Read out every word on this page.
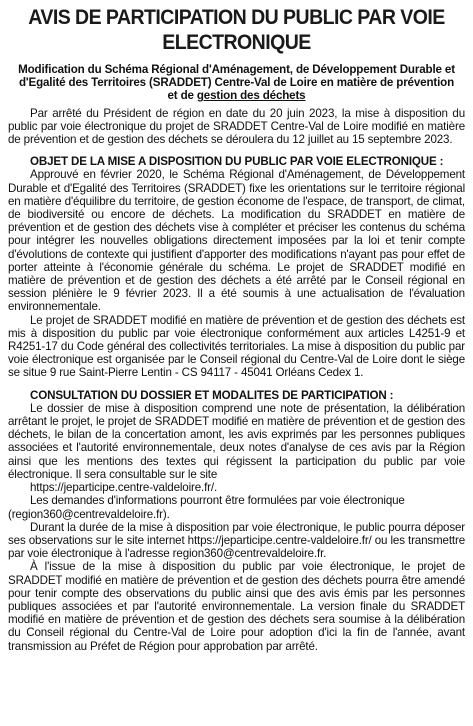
AVIS DE PARTICIPATION DU PUBLIC PAR VOIE
ELECTRONIQUE
Modification du Schéma Régional d'Aménagement, de Développement Durable et
d'Egalité des Territoires (SRADDET) Centre-Val de Loire en matière de prévention
et de gestion des déchets

Par arrêté du Président de région en date du 20 juin 2023, la mise à disposition du public par voie électronique du projet de SRADDET Centre-Val de Loire modifié en matière de prévention et de gestion des déchets se déroulera du 12 juillet au 15 septembre 2023.

OBJET DE LA MISE A DISPOSITION DU PUBLIC PAR VOIE ELECTRONIQUE :

Approuvé en février 2020, le Schéma Régional d'Aménagement, de Développement Durable et d'Egalité des Territoires (SRADDET) fixe les orientations sur le territoire régional en matière d'équilibre du territoire, de gestion économe de l'espace, de transport, de climat, de biodiversité ou encore de déchets. La modification du SRADDET en matière de prévention et de gestion des déchets vise à compléter et préciser les contenus du schéma pour intégrer les nouvelles obligations directement imposées par la loi et tenir compte d'évolutions de contexte qui justifient d'apporter des modifications n'ayant pas pour effet de porter atteinte à l'économie générale du schéma. Le projet de SRADDET modifié en matière de prévention et de gestion des déchets a été arrêté par le Conseil régional en session plénière le 9 février 2023. Il a été soumis à une actualisation de l'évaluation environnementale.

Le projet de SRADDET modifié en matière de prévention et de gestion des déchets est mis à disposition du public par voie électronique conformément aux articles L4251-9 et R4251-17 du Code général des collectivités territoriales. La mise à disposition du public par voie électronique est organisée par le Conseil régional du Centre-Val de Loire dont le siège se situe 9 rue Saint-Pierre Lentin - CS 94117 - 45041 Orléans Cedex 1.

CONSULTATION DU DOSSIER ET MODALITES DE PARTICIPATION :

Le dossier de mise à disposition comprend une note de présentation, la délibération arrêtant le projet, le projet de SRADDET modifié en matière de prévention et de gestion des déchets, le bilan de la concertation amont, les avis exprimés par les personnes publiques associées et l'autorité environnementale, deux notes d'analyse de ces avis par la Région ainsi que les mentions des textes qui régissent la participation du public par voie électronique. Il sera consultable sur le site

https://jeparticipe.centre-valdeloire.fr/.

Les demandes d'informations pourront être formulées par voie électronique

(region360@centrevaldeloire.fr).

Durant la durée de la mise à disposition par voie électronique, le public pourra déposer ses observations sur le site internet https://jeparticipe.centre-valdeloire.fr/ ou les transmettre par voie électronique à l'adresse region360@centrevaldeloire.fr.

À l'issue de la mise à disposition du public par voie électronique, le projet de SRADDET modifié en matière de prévention et de gestion des déchets pourra être amendé pour tenir compte des observations du public ainsi que des avis émis par les personnes publiques associées et par l'autorité environnementale. La version finale du SRADDET modifié en matière de prévention et de gestion des déchets sera soumise à la délibération du Conseil régional du Centre-Val de Loire pour adoption d'ici la fin de l'année, avant transmission au Préfet de Région pour approbation par arrêté.
